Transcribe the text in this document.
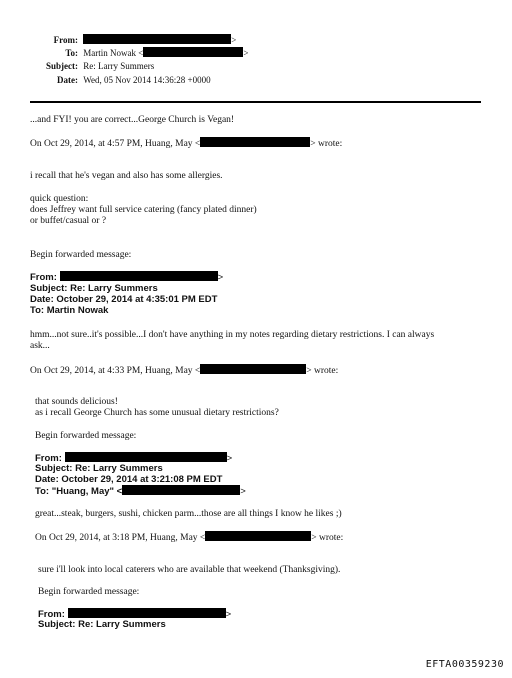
From:	>
To: Martin Nowak <	>
Subject: Re: Larry Summers
Date: Wed, 05 Nov 2014 14:36:28 +0000
...and FYI! you are correct...George Church is Vegan!
On Oct 29, 2014, at 4:57 PM, Huang, May <	> wrote:
i recall that he's vegan and also has some allergies.
quick question:
does Jeffrey want full service catering (fancy plated dinner)
or buffet/casual or ?
Begin forwarded message:
From:	>
Subject: Re: Larry Summers
Date: October 29, 2014 at 4:35:01 PM EDT
To: Martin Nowak
hmm...not sure..it's possible...I don't have anything in my notes regarding dietary restrictions. I can always
ask...
On Oct 29, 2014, at 4:33 PM, Huang, May <	> wrote:
that sounds delicious!
as i recall George Church has some unusual dietary restrictions?
Begin forwarded message:
From:	>
Subject: Re: Larry Summers
Date: October 29, 2014 at 3:21:08 PM EDT
To: "Huang, May" <	>
great...steak, burgers, sushi, chicken parm...those are all things I know he likes ;)
On Oct 29, 2014, at 3:18 PM, Huang, May <	> wrote:
sure i'll look into local caterers who are available that weekend (Thanksgiving).
Begin forwarded message:
From:	>
Subject: Re: Larry Summers
EFTA00359230
